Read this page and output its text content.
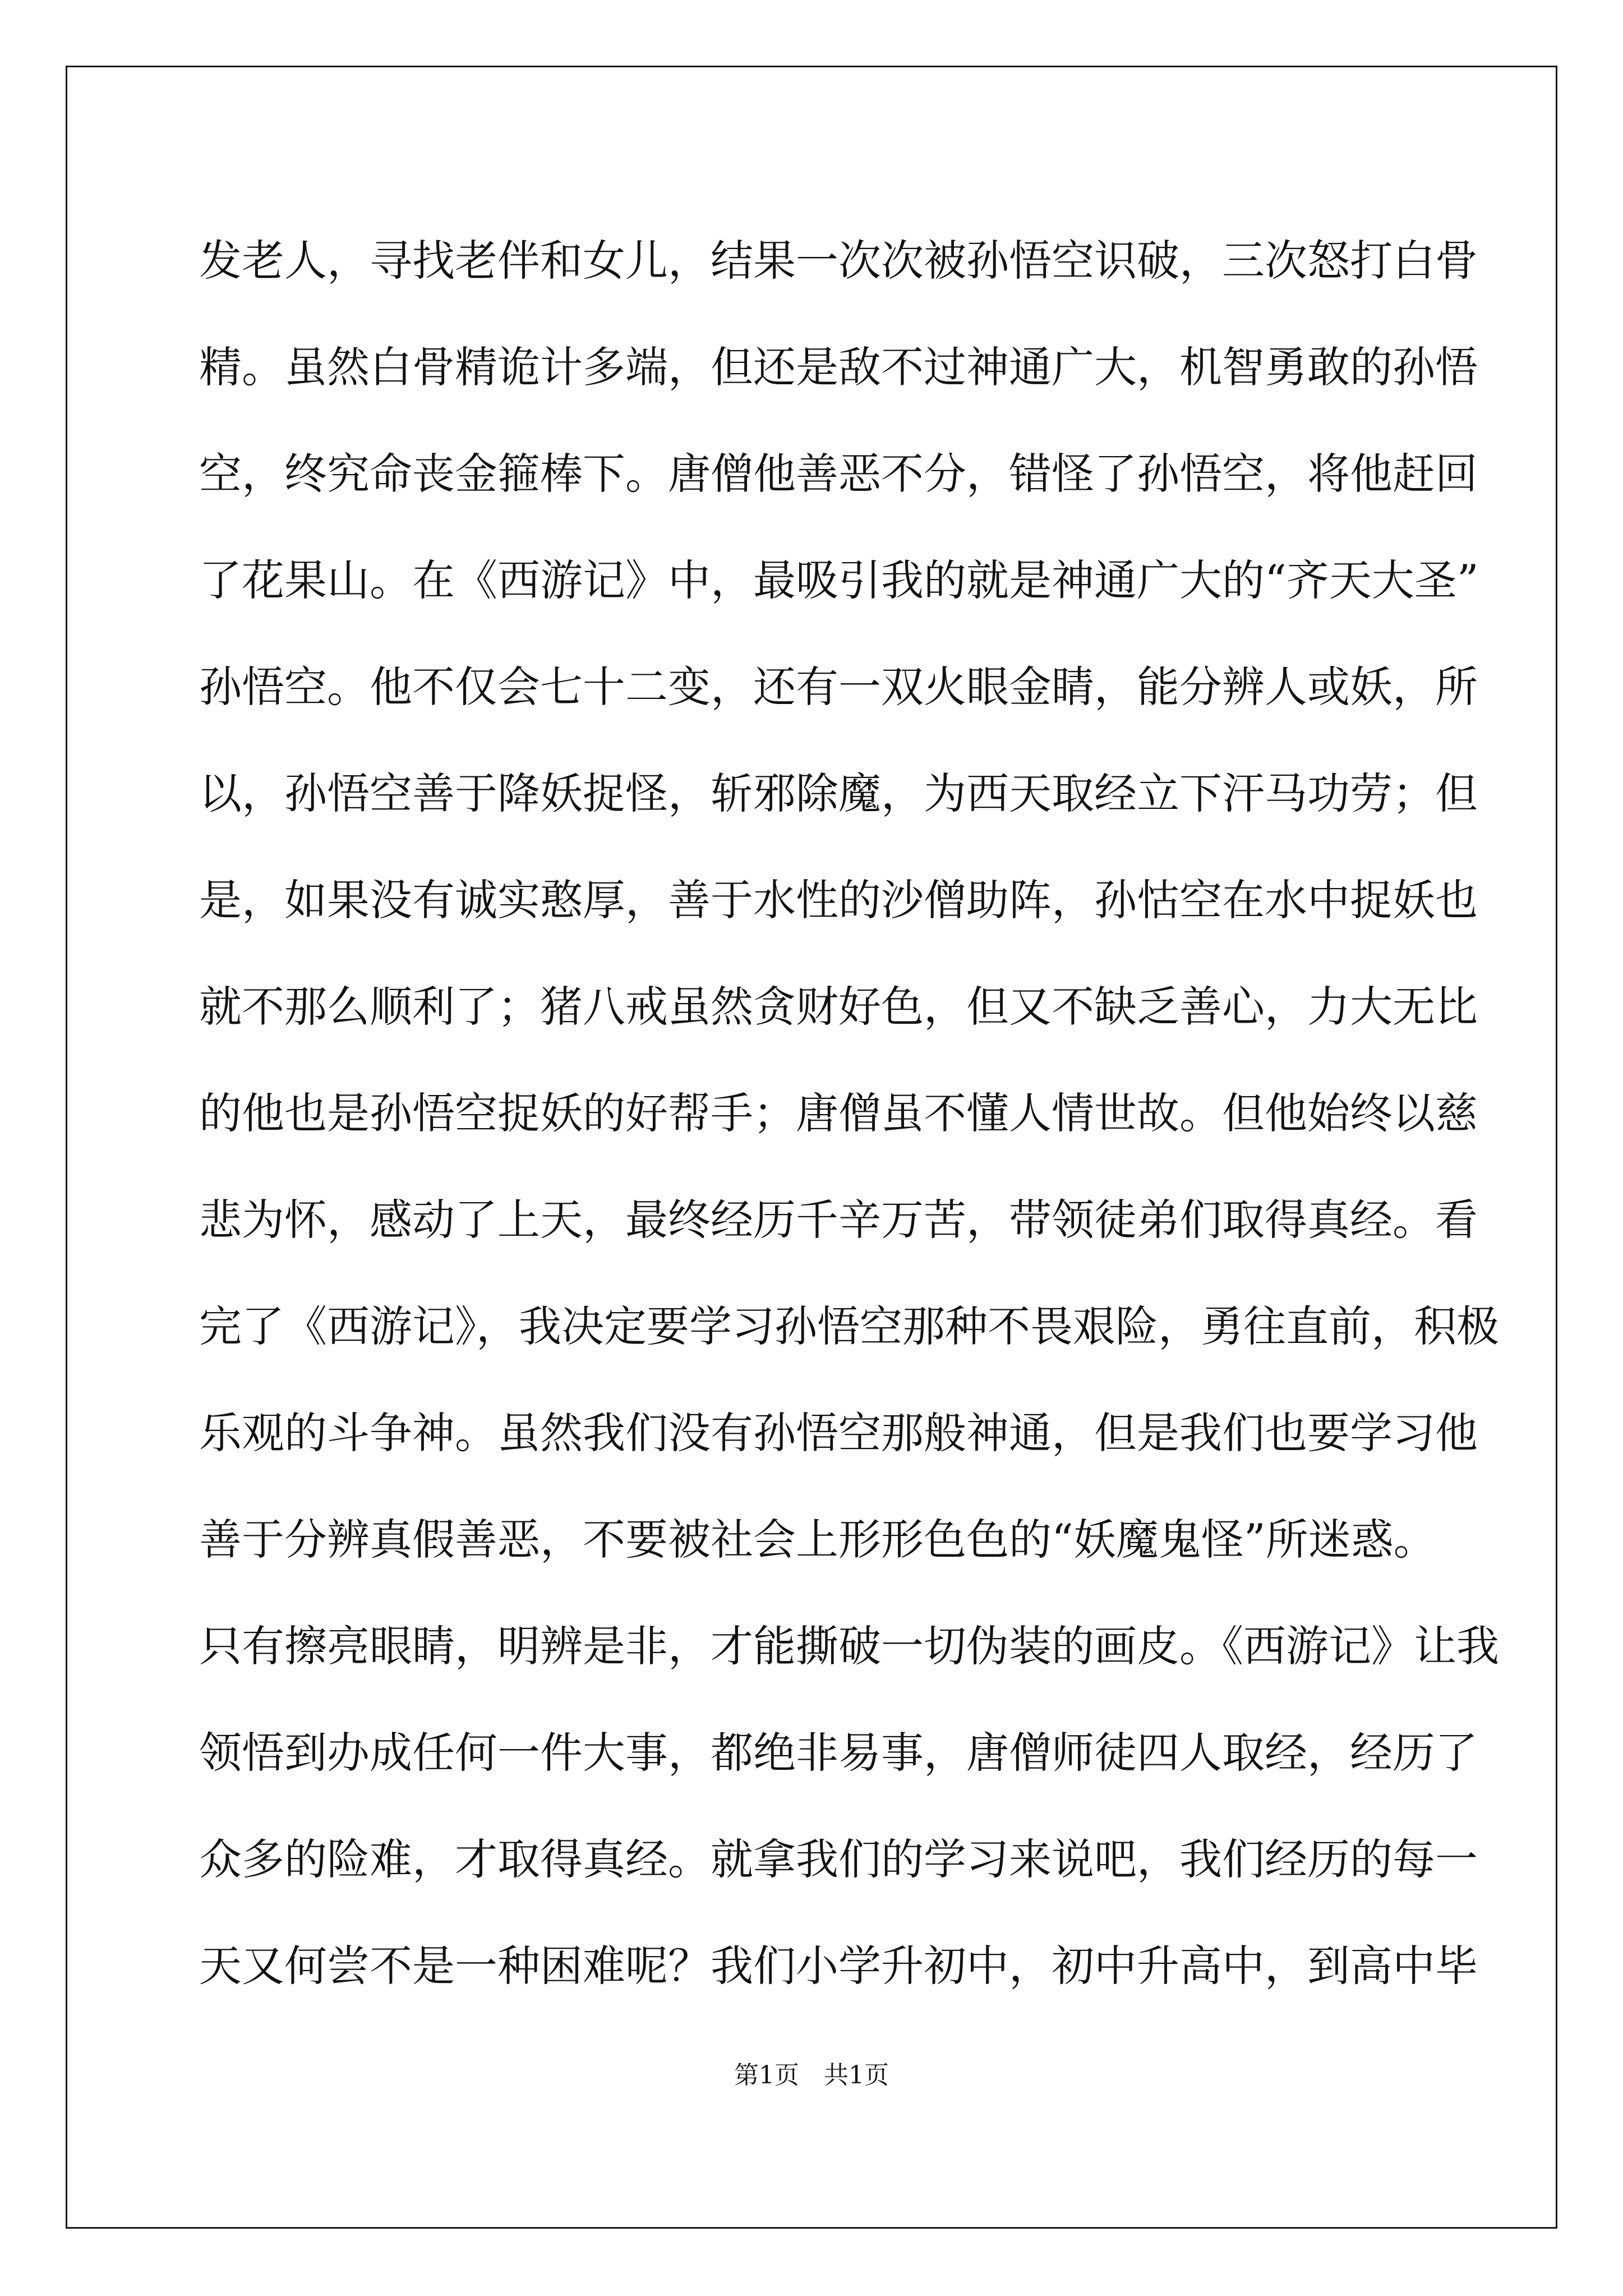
发老人，寻找老伴和女儿，结果一次次被孙悟空识破，三次怒打白骨
精。虽然白骨精诡计多端，但还是敌不过神通广大，机智勇敢的孙悟
空，终究命丧金箍棒下。唐僧他善恶不分，错怪了孙悟空，将他赶回
了花果山。在《西游记》中，最吸引我的就是神通广大的“齐天大圣”
孙悟空。他不仅会七十二变，还有一双火眼金睛，能分辨人或妖，所
以，孙悟空善于降妖捉怪，斩邪除魔，为西天取经立下汗马功劳；但
是，如果没有诚实憨厚，善于水性的沙僧助阵，孙怙空在水中捉妖也
就不那么顺利了；猪八戒虽然贪财好色，但又不缺乏善心，力大无比
的他也是孙悟空捉妖的好帮手；唐僧虽不懂人情世故。但他始终以慈
悲为怀，感动了上天，最终经历千辛万苦，带领徒弟们取得真经。看
完了《西游记》，我决定要学习孙悟空那种不畏艰险，勇往直前，积极
乐观的斗争神。虽然我们没有孙悟空那般神通，但是我们也要学习他
善于分辨真假善恶，不要被社会上形形色色的“妖魔鬼怪”所迷惑。
只有擦亮眼睛，明辨是非，才能撕破一切伪装的画皮。《西游记》让我
领悟到办成任何一件大事，都绝非易事，唐僧师徒四人取经，经历了
众多的险难，才取得真经。就拿我们的学习来说吧，我们经历的每一
天又何尝不是一种困难呢？我们小学升初中，初中升高中，到高中毕
第1页　共1页
